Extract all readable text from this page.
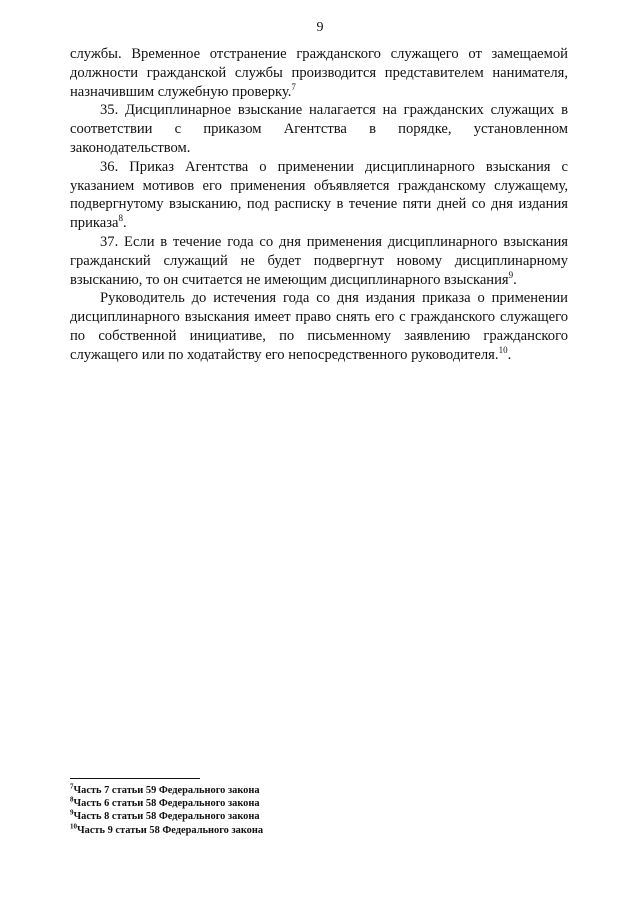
9

службы. Временное отстранение гражданского служащего от замещаемой должности гражданской службы производится представителем нанимателя, назначившим служебную проверку.$^7$

35. Дисциплинарное взыскание налагается на гражданских служащих в соответствии с приказом Агентства в порядке, установленном законодательством.

36. Приказ Агентства о применении дисциплинарного взыскания с указанием мотивов его применения объявляется гражданскому служащему, подвергнутому взысканию, под расписку в течение пяти дней со дня издания приказа$^8$.

37. Если в течение года со дня применения дисциплинарного взыскания гражданский служащий не будет подвергнут новому дисциплинарному взысканию, то он считается не имеющим дисциплинарного взыскания$^9$.

Руководитель до истечения года со дня издания приказа о применении дисциплинарного взыскания имеет право снять его с гражданского служащего по собственной инициативе, по письменному заявлению гражданского служащего или по ходатайству его непосредственного руководителя.$^{10}$.

$^7$Часть 7 статьи 59 Федерального закона

$^8$Часть 6 статьи 58 Федерального закона

$^9$Часть 8 статьи 58 Федерального закона

$^{10}$Часть 9 статьи 58 Федерального закона
